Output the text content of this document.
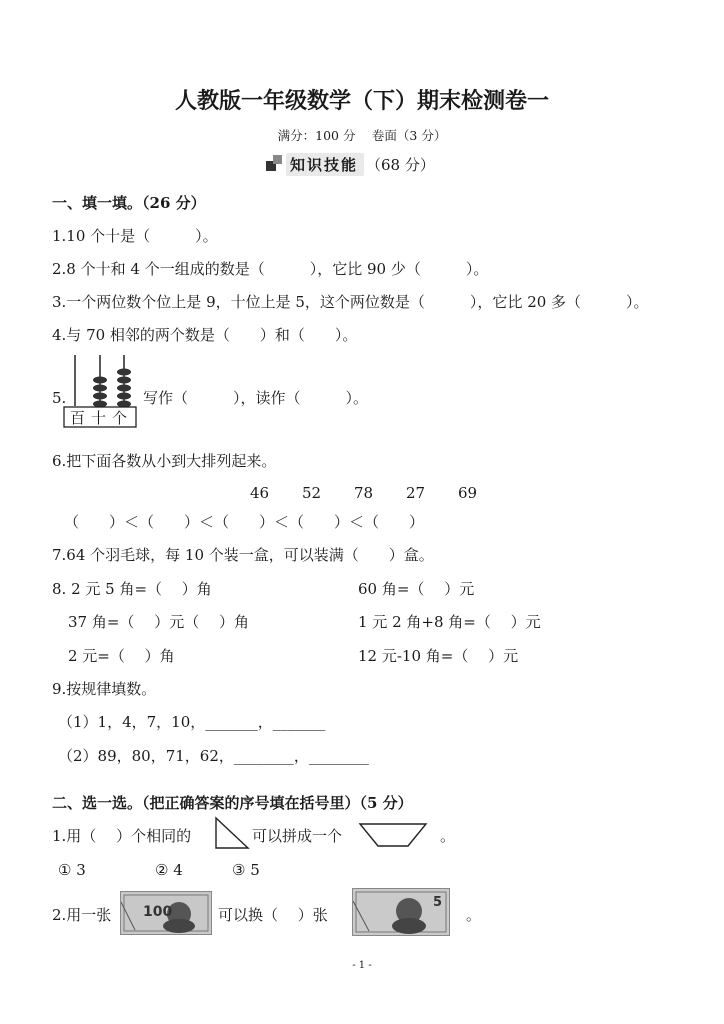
人教版一年级数学（下）期末检测卷一
满分：100 分　 卷面（3 分）
知识技能 （68 分）
一、填一填。（26 分）
1.10 个十是（　　　）。
2.8 个十和 4 个一组成的数是（　　　），它比 90 少（　　　）。
3.一个两位数个位上是 9，十位上是 5，这个两位数是（　　　），它比 20 多（　　　）。
4.与 70 相邻的两个数是（　　）和（　　）。
5.
百十个
写作（　　　），读作（　　　）。
6.把下面各数从小到大排列起来。
46 52 78 27 69
（　　）＜（　　）＜（　　）＜（　　）＜（　　）
7.64 个羽毛球，每 10 个装一盒，可以装满（　　）盒。
8. 2 元 5 角=（　 ）角	60 角=（　 ）元
37 角=（　 ）元（　 ）角	1 元 2 角+8 角=（　 ）元
2 元=（　 ）角	12 元-10 角=（　 ）元
9.按规律填数。
（1）1，4，7，10，_______，_______
（2）89，80，71，62，________，________
二、选一选。（把正确答案的序号填在括号里）（5 分）
1.用（　 ）个相同的	可以拼成一个	。
① 3	② 4	③ 5
2.用一张 100	可以换（　 ）张
5
。
- 1 -
